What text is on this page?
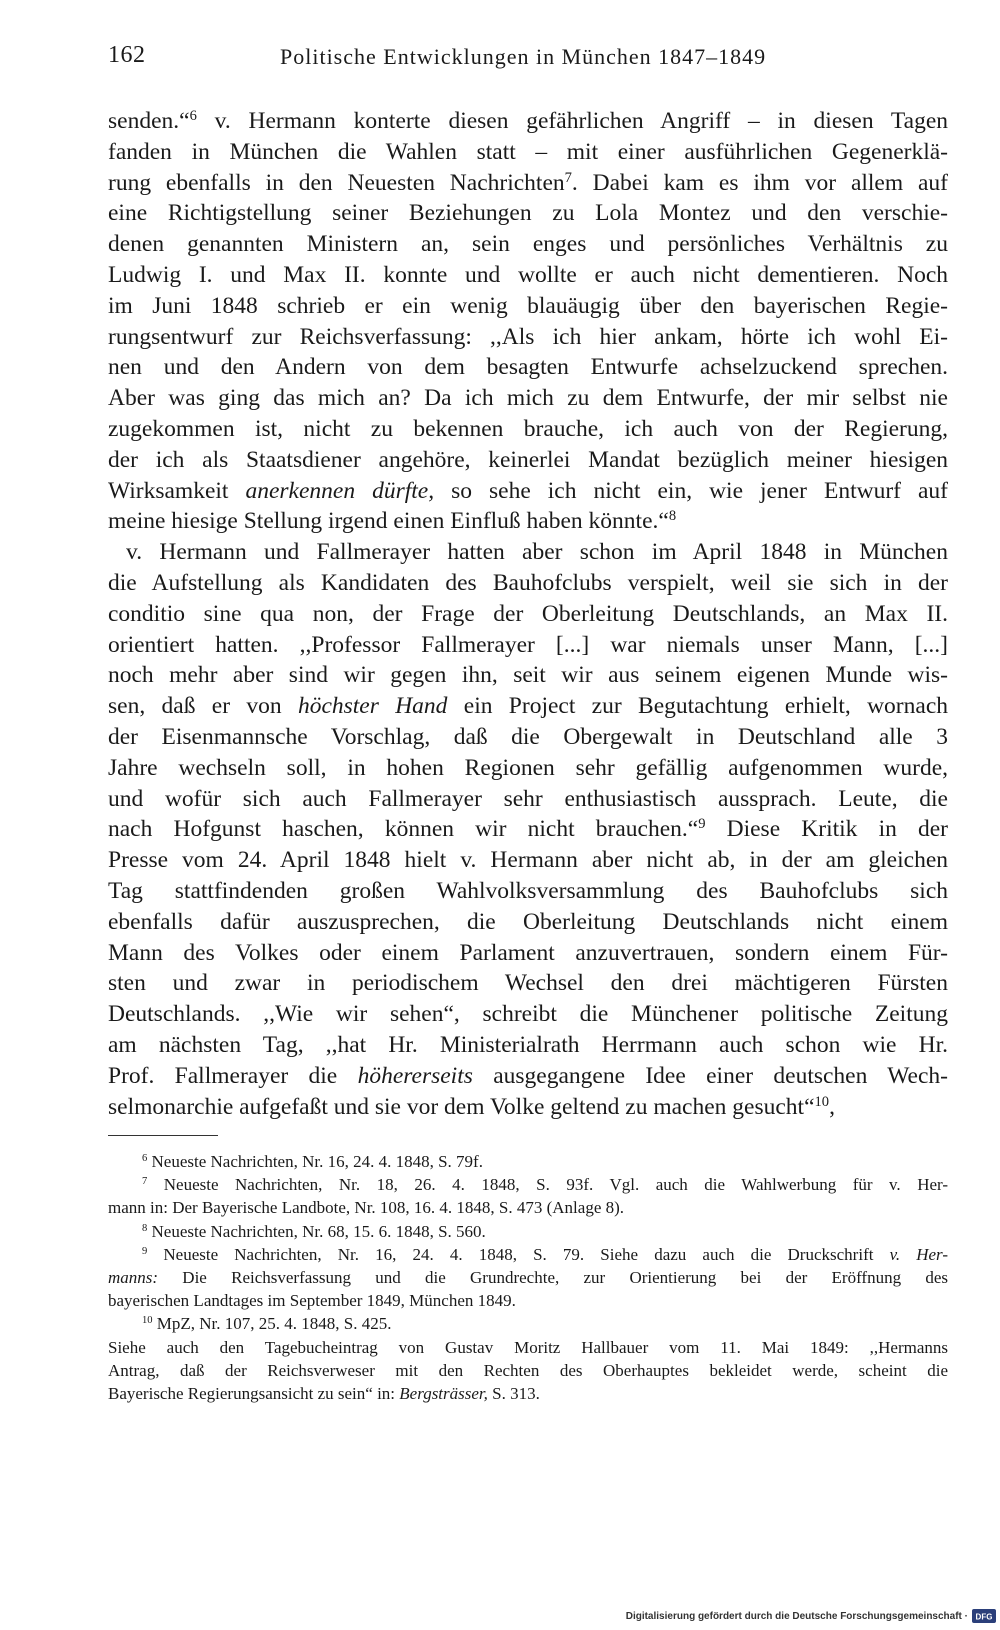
162	Politische Entwicklungen in München 1847–1849
senden.“$^6$ v. Hermann konterte diesen gefährlichen Angriff – in diesen Tagen
fanden in München die Wahlen statt – mit einer ausführlichen Gegenerklä-
rung ebenfalls in den Neuesten Nachrichten$^7$. Dabei kam es ihm vor allem auf
eine Richtigstellung seiner Beziehungen zu Lola Montez und den verschie-
denen genannten Ministern an, sein enges und persönliches Verhältnis zu
Ludwig I. und Max II. konnte und wollte er auch nicht dementieren. Noch
im Juni 1848 schrieb er ein wenig blauäugig über den bayerischen Regie-
rungsentwurf zur Reichsverfassung: ,,Als ich hier ankam, hörte ich wohl Ei-
nen und den Andern von dem besagten Entwurfe achselzuckend sprechen.
Aber was ging das mich an? Da ich mich zu dem Entwurfe, der mir selbst nie
zugekommen ist, nicht zu bekennen brauche, ich auch von der Regierung,
der ich als Staatsdiener angehöre, keinerlei Mandat bezüglich meiner hiesigen
Wirksamkeit anerkennen dürfte, so sehe ich nicht ein, wie jener Entwurf auf
meine hiesige Stellung irgend einen Einfluß haben könnte.“$^8$
v. Hermann und Fallmerayer hatten aber schon im April 1848 in München
die Aufstellung als Kandidaten des Bauhofclubs verspielt, weil sie sich in der
conditio sine qua non, der Frage der Oberleitung Deutschlands, an Max II.
orientiert hatten. ,,Professor Fallmerayer [...] war niemals unser Mann, [...]
noch mehr aber sind wir gegen ihn, seit wir aus seinem eigenen Munde wis-
sen, daß er von höchster Hand ein Project zur Begutachtung erhielt, wornach
der Eisenmannsche Vorschlag, daß die Obergewalt in Deutschland alle 3
Jahre wechseln soll, in hohen Regionen sehr gefällig aufgenommen wurde,
und wofür sich auch Fallmerayer sehr enthusiastisch aussprach. Leute, die
nach Hofgunst haschen, können wir nicht brauchen.“$^9$ Diese Kritik in der
Presse vom 24. April 1848 hielt v. Hermann aber nicht ab, in der am gleichen
Tag stattfindenden großen Wahlvolksversammlung des Bauhofclubs sich
ebenfalls dafür auszusprechen, die Oberleitung Deutschlands nicht einem
Mann des Volkes oder einem Parlament anzuvertrauen, sondern einem Für-
sten und zwar in periodischem Wechsel den drei mächtigeren Fürsten
Deutschlands. ,,Wie wir sehen“, schreibt die Münchener politische Zeitung
am nächsten Tag, ,,hat Hr. Ministerialrath Herrmann auch schon wie Hr.
Prof. Fallmerayer die höhererseits ausgegangene Idee einer deutschen Wech-
selmonarchie aufgefaßt und sie vor dem Volke geltend zu machen gesucht“$^{10}$,
$^6$ Neueste Nachrichten, Nr. 16, 24. 4. 1848, S. 79f.
$^7$ Neueste Nachrichten, Nr. 18, 26. 4. 1848, S. 93f. Vgl. auch die Wahlwerbung für v. Her-
mann in: Der Bayerische Landbote, Nr. 108, 16. 4. 1848, S. 473 (Anlage 8).
$^8$ Neueste Nachrichten, Nr. 68, 15. 6. 1848, S. 560.
$^9$ Neueste Nachrichten, Nr. 16, 24. 4. 1848, S. 79. Siehe dazu auch die Druckschrift v. Her-
manns: Die Reichsverfassung und die Grundrechte, zur Orientierung bei der Eröffnung des
bayerischen Landtages im September 1849, München 1849.
$^{10}$ MpZ, Nr. 107, 25. 4. 1848, S. 425.
Siehe auch den Tagebucheintrag von Gustav Moritz Hallbauer vom 11. Mai 1849: ,,Hermanns
Antrag, daß der Reichsverweser mit den Rechten des Oberhauptes bekleidet werde, scheint die
Bayerische Regierungsansicht zu sein“ in: Bergsträsser, S. 313.
Digitalisierung gefördert durch die Deutsche Forschungsgemeinschaft · DFG
